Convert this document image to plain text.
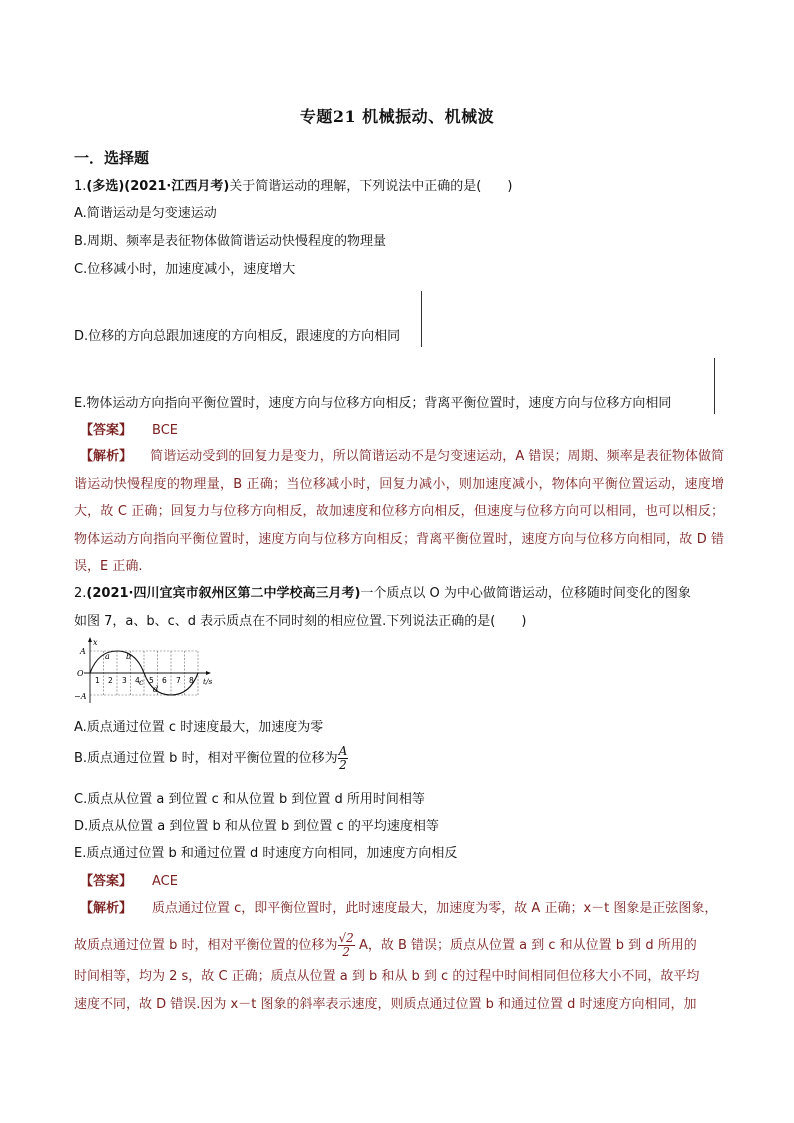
专题21 机械振动、机械波
一．选择题
1.(多选)(2021·江西月考)关于简谐运动的理解，下列说法中正确的是(　　)
A.简谐运动是匀变速运动
B.周期、频率是表征物体做简谐运动快慢程度的物理量
C.位移减小时，加速度减小，速度增大
D.位移的方向总跟加速度的方向相反，跟速度的方向相同
E.物体运动方向指向平衡位置时，速度方向与位移方向相反；背离平衡位置时，速度方向与位移方向相同
【答案】 BCE
【解析】 简谐运动受到的回复力是变力，所以简谐运动不是匀变速运动，A 错误；周期、频率是表征物体做简谐运动快慢程度的物理量，B 正确；当位移减小时，回复力减小，则加速度减小，物体向平衡位置运动，速度增大，故 C 正确；回复力与位移方向相反，故加速度和位移方向相反，但速度与位移方向可以相同，也可以相反；物体运动方向指向平衡位置时，速度方向与位移方向相反；背离平衡位置时，速度方向与位移方向相同，故 D 错误，E 正确.
2.(2021·四川宜宾市叙州区第二中学校高三月考)一个质点以 O 为中心做简谐运动，位移随时间变化的图象
如图 7，a、b、c、d 表示质点在不同时刻的相应位置.下列说法正确的是(　　)
x
A
O
−A
t/s
1 2 3 4 5 6 7 8
a b
c
d
A.质点通过位置 c 时速度最大，加速度为零
B.质点通过位置 b 时，相对平衡位置的位移为 $\frac{A}{2}$
C.质点从位置 a 到位置 c 和从位置 b 到位置 d 所用时间相等
D.质点从位置 a 到位置 b 和从位置 b 到位置 c 的平均速度相等
E.质点通过位置 b 和通过位置 d 时速度方向相同，加速度方向相反
【答案】 ACE
【解析】 质点通过位置 c，即平衡位置时，此时速度最大，加速度为零，故 A 正确；x－t 图象是正弦图象，
故质点通过位置 b 时，相对平衡位置的位移为 $\frac{√2}{2}$ A，故 B 错误；质点从位置 a 到 c 和从位置 b 到 d 所用的
时间相等，均为 2 s，故 C 正确；质点从位置 a 到 b 和从 b 到 c 的过程中时间相同但位移大小不同，故平均
速度不同，故 D 错误.因为 x－t 图象的斜率表示速度，则质点通过位置 b 和通过位置 d 时速度方向相同，加
